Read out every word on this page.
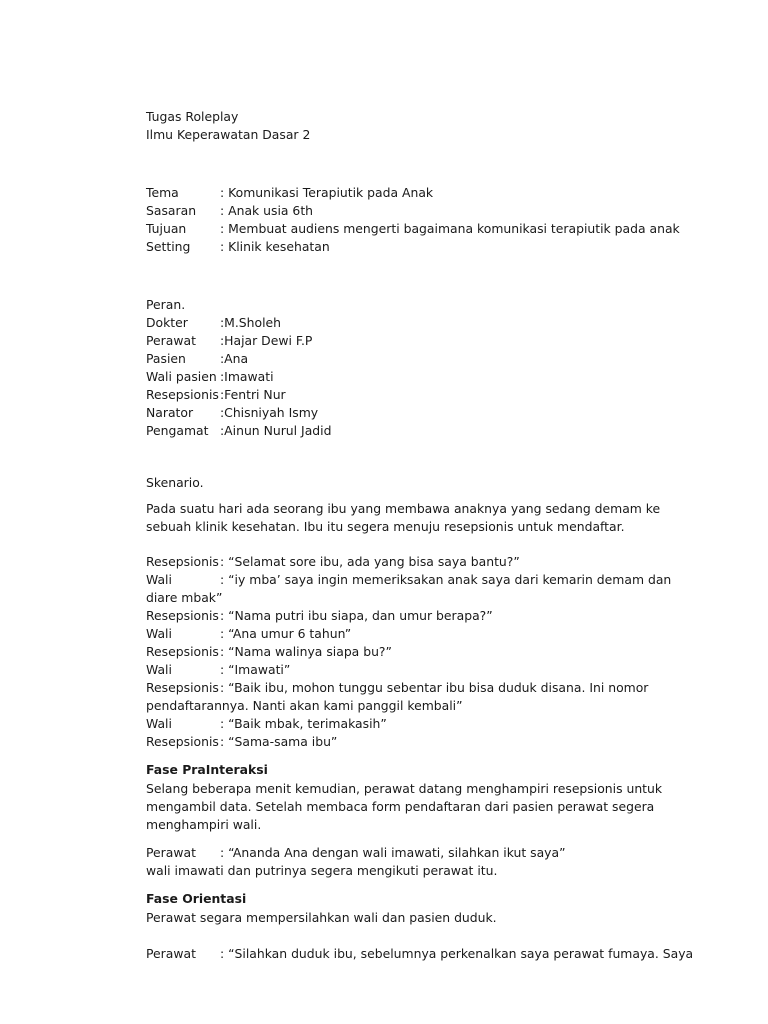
Tugas Roleplay
Ilmu Keperawatan Dasar 2
Tema	: Komunikasi Terapiutik pada Anak
Sasaran	: Anak usia 6th
Tujuan	: Membuat audiens mengerti bagaimana komunikasi terapiutik pada anak
Setting	: Klinik kesehatan
Peran.
Dokter	:M.Sholeh
Perawat	:Hajar Dewi F.P
Pasien	:Ana
Wali pasien :Imawati
Resepsionis :Fentri Nur
Narator	:Chisniyah Ismy
Pengamat :Ainun Nurul Jadid
Skenario.
Pada suatu hari ada seorang ibu yang membawa anaknya yang sedang demam ke
sebuah klinik kesehatan. Ibu itu segera menuju resepsionis untuk mendaftar.
Resepsionis : “Selamat sore ibu, ada yang bisa saya bantu?”
Wali	: “iy mba’ saya ingin memeriksakan anak saya dari kemarin demam dan
diare mbak”
Resepsionis : “Nama putri ibu siapa, dan umur berapa?”
Wali	: “Ana umur 6 tahun”
Resepsionis : “Nama walinya siapa bu?”
Wali	: “Imawati”
Resepsionis : “Baik ibu, mohon tunggu sebentar ibu bisa duduk disana. Ini nomor
pendaftarannya. Nanti akan kami panggil kembali”
Wali	: “Baik mbak, terimakasih”
Resepsionis : “Sama-sama ibu”
Fase PraInteraksi
Selang beberapa menit kemudian, perawat datang menghampiri resepsionis untuk
mengambil data. Setelah membaca form pendaftaran dari pasien perawat segera
menghampiri wali.
Perawat	: “Ananda Ana dengan wali imawati, silahkan ikut saya”
wali imawati dan putrinya segera mengikuti perawat itu.
Fase Orientasi
Perawat segara mempersilahkan wali dan pasien duduk.
Perawat	: “Silahkan duduk ibu, sebelumnya perkenalkan saya perawat fumaya. Saya
